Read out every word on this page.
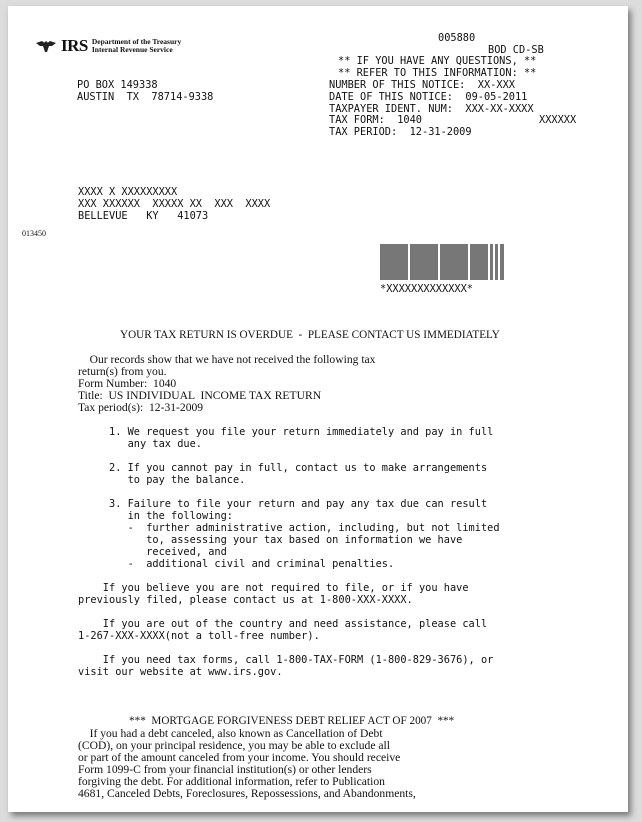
IRS Department of the Treasury
Internal Revenue Service
005880
BOD CD-SB
** IF YOU HAVE ANY QUESTIONS, **
** REFER TO THIS INFORMATION: **
NUMBER OF THIS NOTICE:  XX-XXX
DATE OF THIS NOTICE:  09-05-2011
TAXPAYER IDENT. NUM:  XXX-XX-XXXX
TAX FORM:  1040	XXXXXX
TAX PERIOD:  12-31-2009
PO BOX 149338
AUSTIN  TX  78714-9338
XXXX X XXXXXXXXX
XXX XXXXXX  XXXXX XX  XXX  XXXX
BELLEVUE   KY   41073
013450
*XXXXXXXXXXXXX*
YOUR TAX RETURN IS OVERDUE  -  PLEASE CONTACT US IMMEDIATELY
Our records show that we have not received the following tax
return(s) from you.
Form Number:  1040
Title:  US INDIVIDUAL  INCOME TAX RETURN
Tax period(s):  12-31-2009
1. We request you file your return immediately and pay in full
any tax due.
2. If you cannot pay in full, contact us to make arrangements
to pay the balance.
3. Failure to file your return and pay any tax due can result
in the following:
-  further administrative action, including, but not limited
to, assessing your tax based on information we have
received, and
-  additional civil and criminal penalties.
If you believe you are not required to file, or if you have
previously filed, please contact us at 1-800-XXX-XXXX.
If you are out of the country and need assistance, please call
1-267-XXX-XXXX(not a toll-free number).
If you need tax forms, call 1-800-TAX-FORM (1-800-829-3676), or
visit our website at www.irs.gov.
***  MORTGAGE FORGIVENESS DEBT RELIEF ACT OF 2007  ***
If you had a debt canceled, also known as Cancellation of Debt
(COD), on your principal residence, you may be able to exclude all
or part of the amount canceled from your income. You should receive
Form 1099-C from your financial institution(s) or other lenders
forgiving the debt. For additional information, refer to Publication
4681, Canceled Debts, Foreclosures, Repossessions, and Abandonments,
